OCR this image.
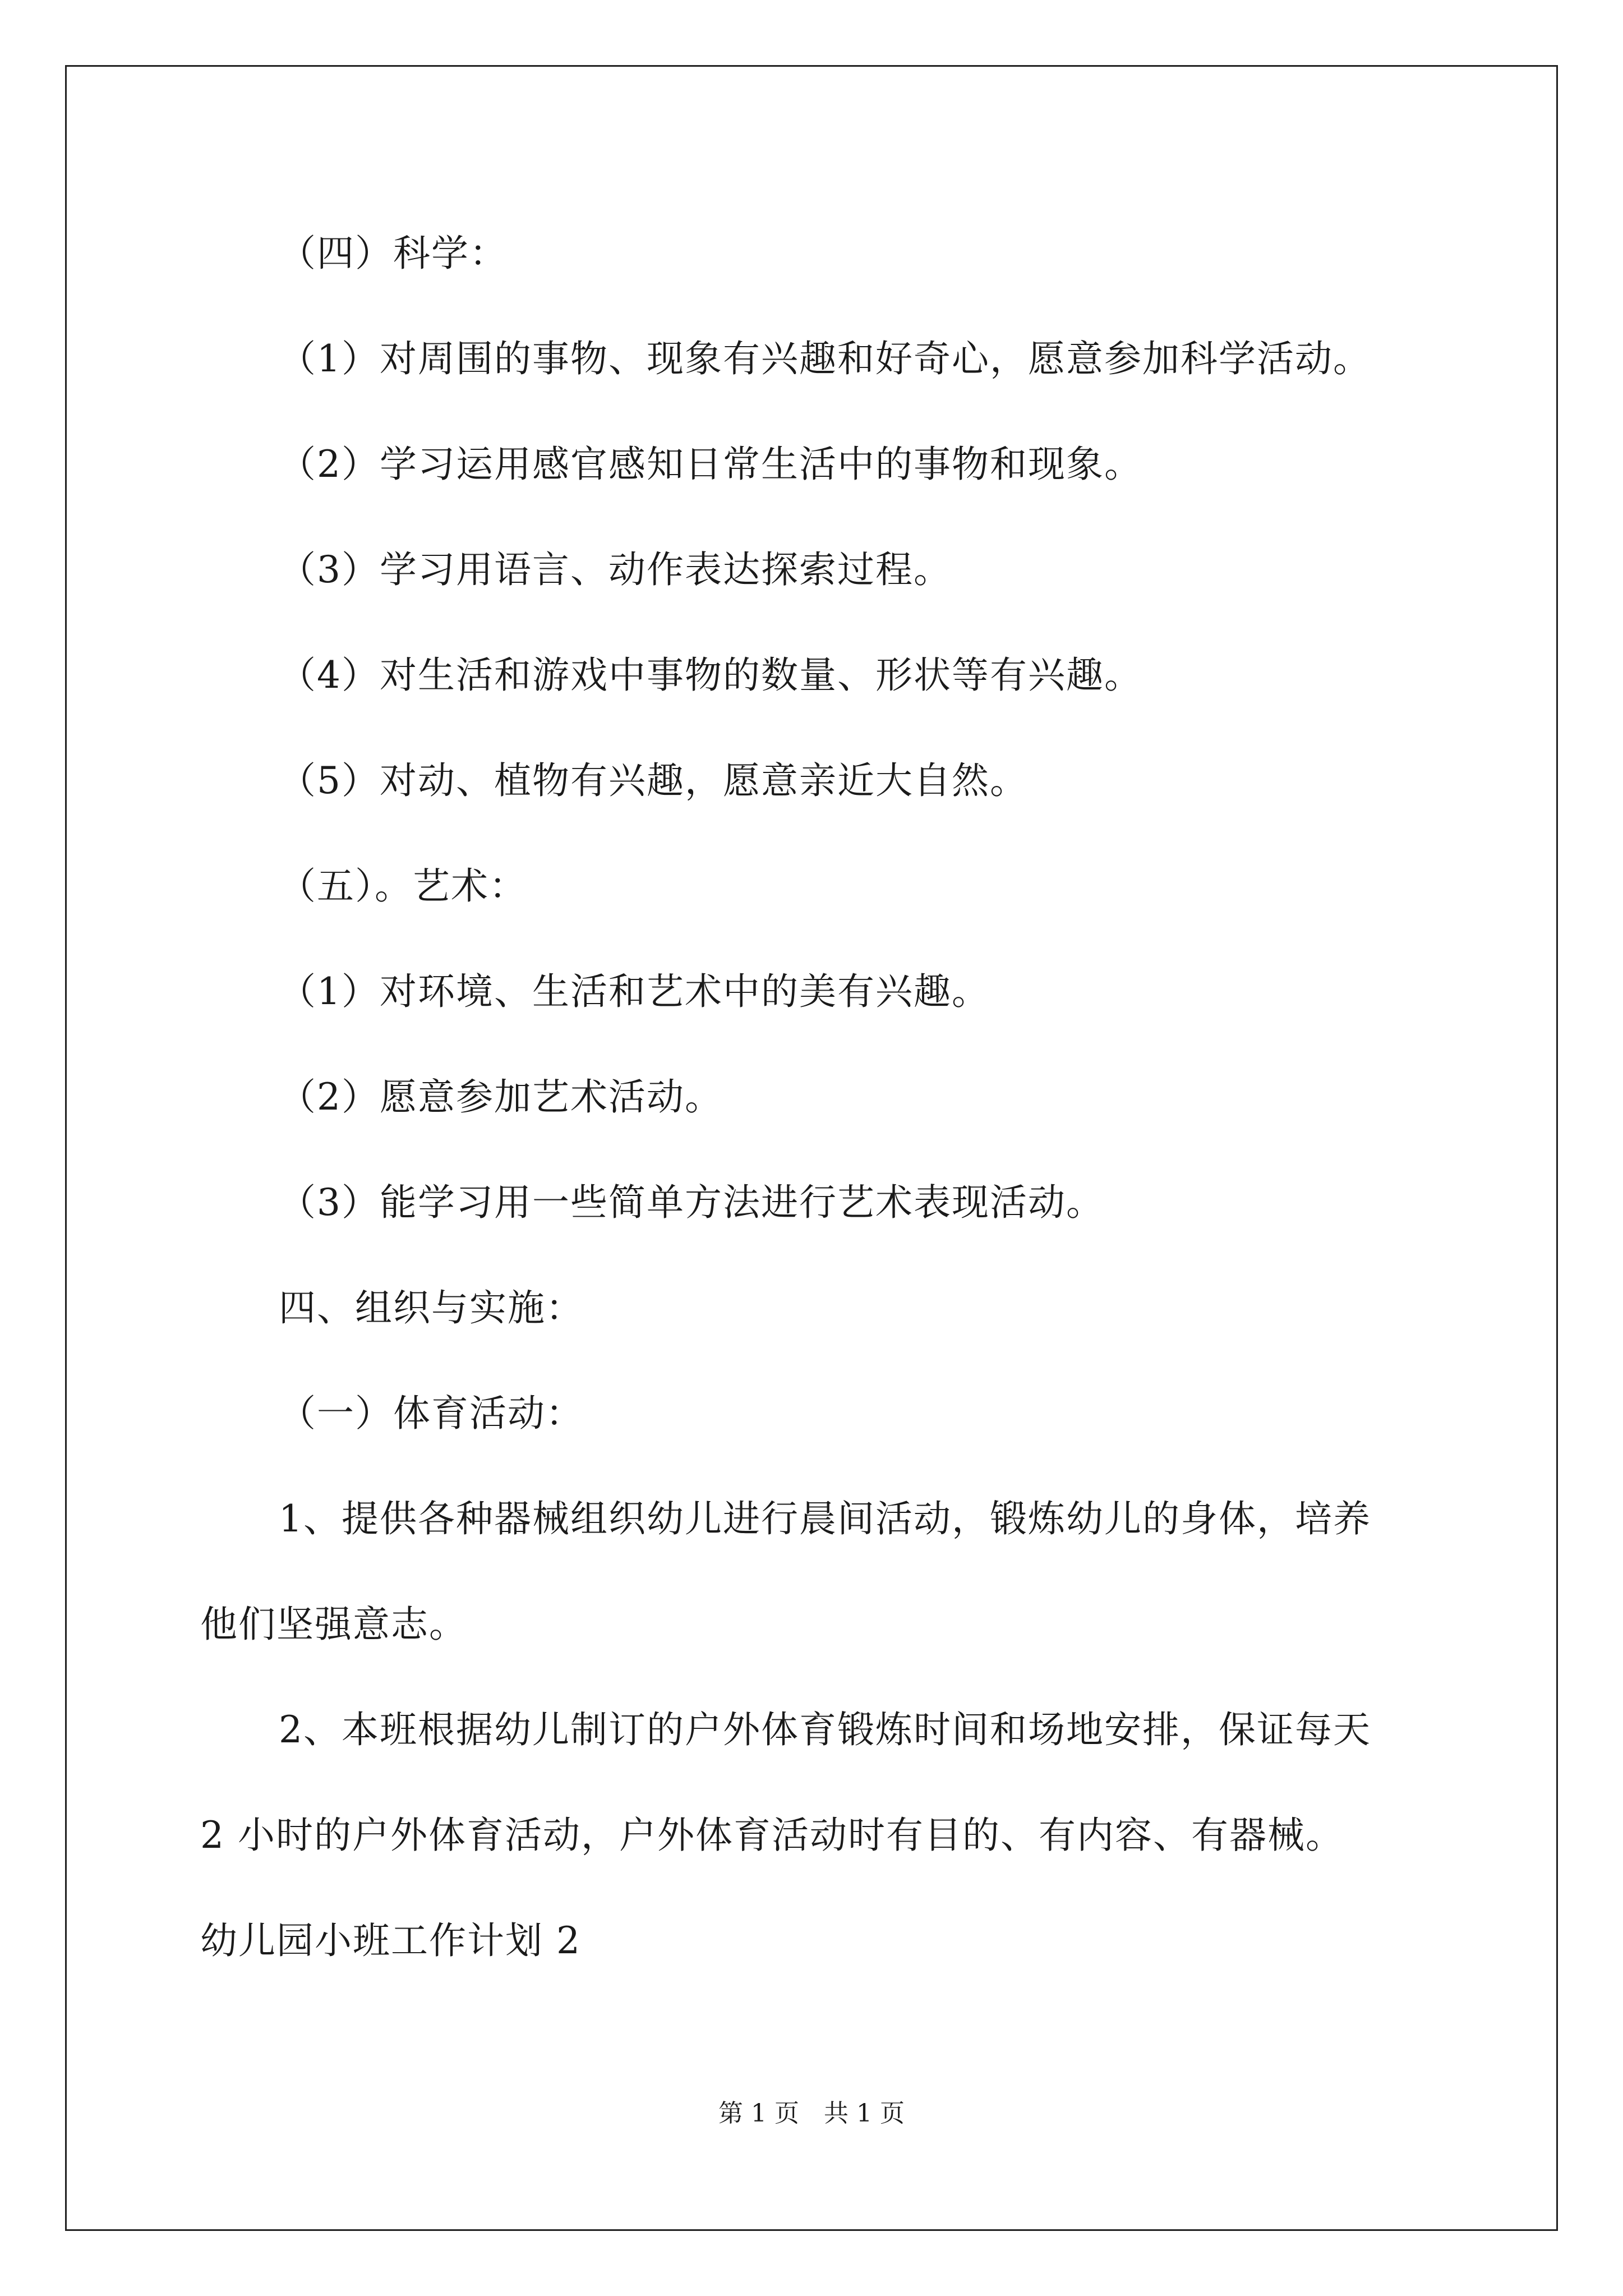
（四）科学：
（1）对周围的事物、现象有兴趣和好奇心，愿意参加科学活动。
（2）学习运用感官感知日常生活中的事物和现象。
（3）学习用语言、动作表达探索过程。
（4）对生活和游戏中事物的数量、形状等有兴趣。
（5）对动、植物有兴趣，愿意亲近大自然。
（五）。艺术：
（1）对环境、生活和艺术中的美有兴趣。
（2）愿意参加艺术活动。
（3）能学习用一些简单方法进行艺术表现活动。
四、组织与实施：
（一）体育活动：
1、提供各种器械组织幼儿进行晨间活动，锻炼幼儿的身体，培养
他们坚强意志。
2、本班根据幼儿制订的户外体育锻炼时间和场地安排，保证每天
2 小时的户外体育活动，户外体育活动时有目的、有内容、有器械。
幼儿园小班工作计划 2
第 1 页　共 1 页
